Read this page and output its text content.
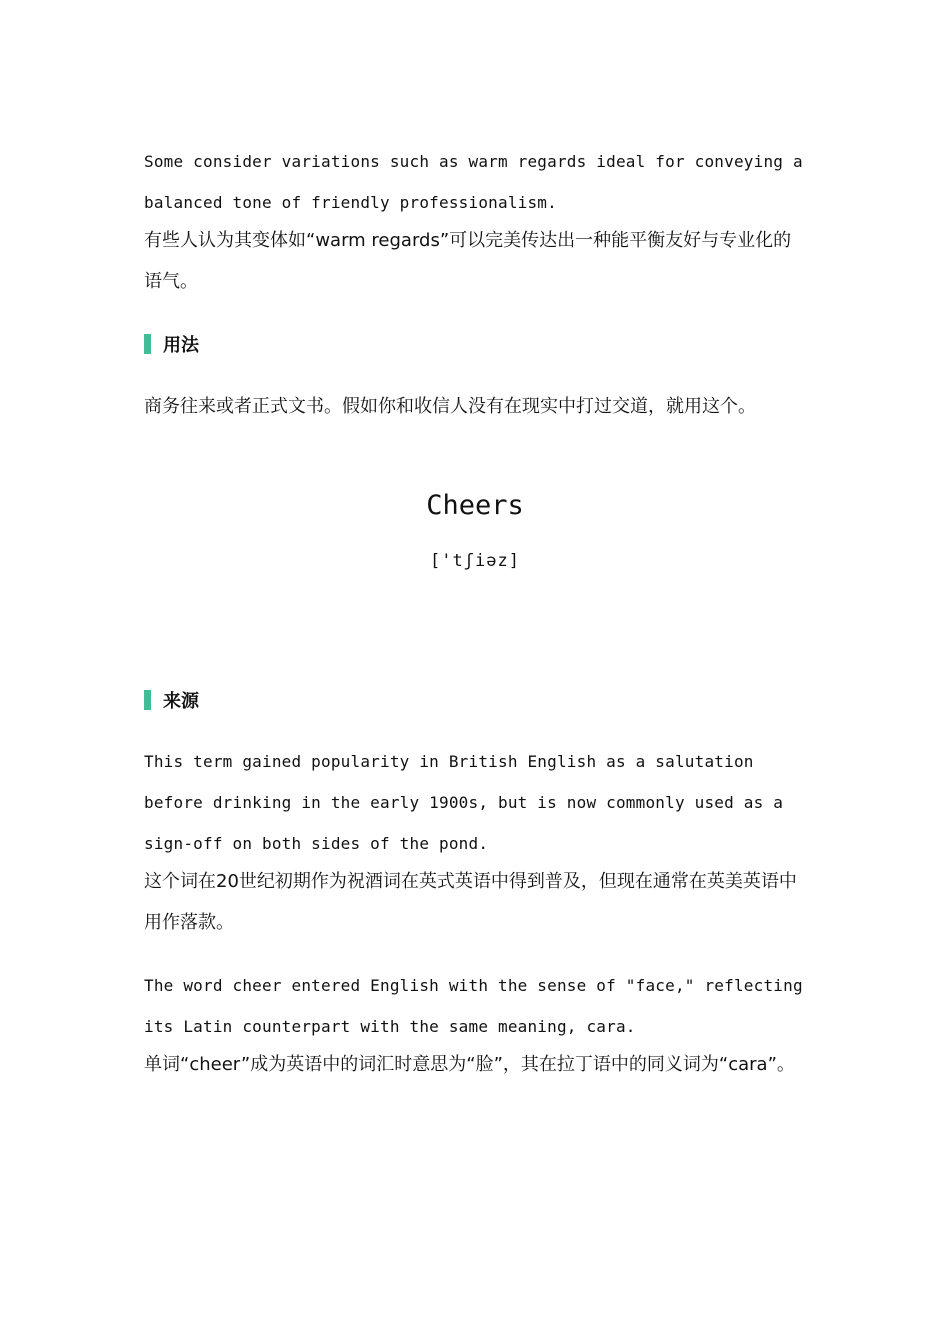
Some consider variations such as warm regards ideal for conveying a balanced tone of friendly professionalism.

有些人认为其变体如“warm regards”可以完美传达出一种能平衡友好与专业化的语气。

用法

商务往来或者正式文书。假如你和收信人没有在现实中打过交道，就用这个。

Cheers
['tʃiəz]
来源

This term gained popularity in British English as a salutation before drinking in the early 1900s, but is now commonly used as a sign-off on both sides of the pond.

这个词在20世纪初期作为祝酒词在英式英语中得到普及，但现在通常在英美英语中用作落款。

The word cheer entered English with the sense of "face," reflecting its Latin counterpart with the same meaning, cara.

单词“cheer”成为英语中的词汇时意思为“脸”，其在拉丁语中的同义词为“cara”。
